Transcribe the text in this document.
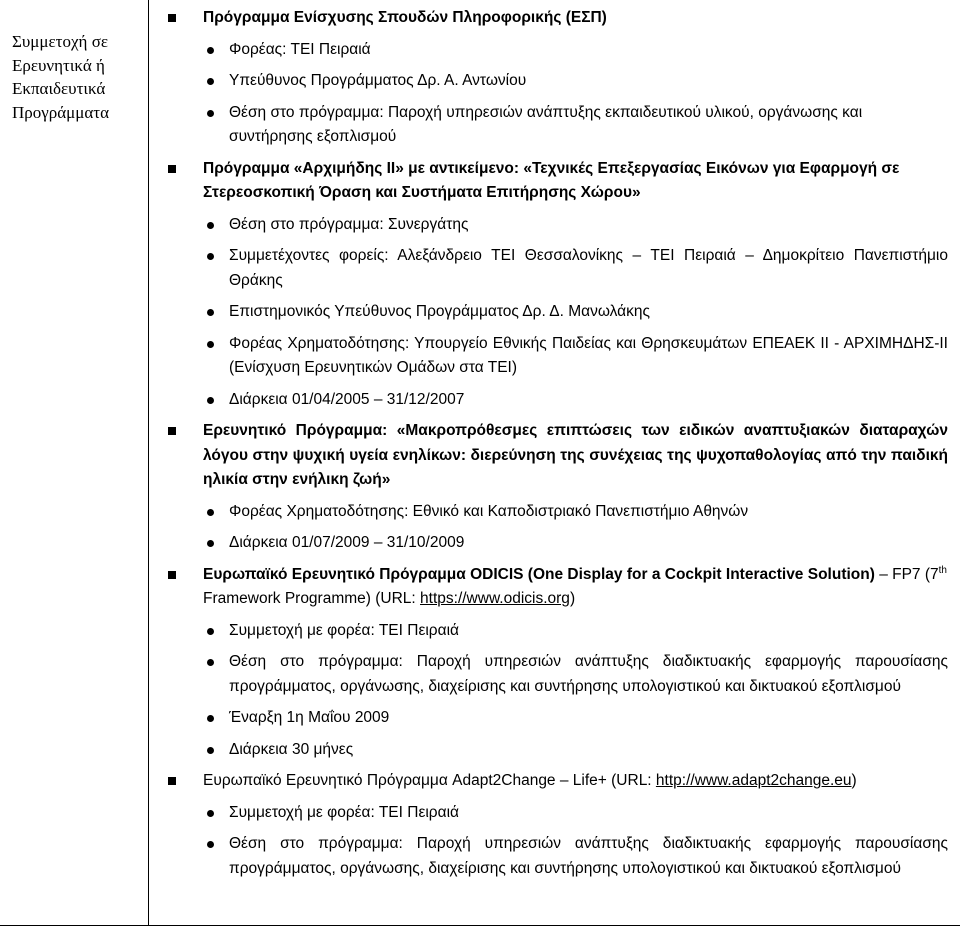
Συμμετοχή σε
Ερευνητικά ή
Εκπαιδευτικά
Προγράμματα
Πρόγραμμα Ενίσχυσης Σπουδών Πληροφορικής (ΕΣΠ)
Φορέας: ΤΕΙ Πειραιά
Υπεύθυνος Προγράμματος Δρ. Α. Αντωνίου
Θέση στο πρόγραμμα: Παροχή υπηρεσιών ανάπτυξης εκπαιδευτικού υλικού, οργάνωσης και συντήρησης εξοπλισμού
Πρόγραμμα «Αρχιμήδης ΙΙ» με αντικείμενο: «Τεχνικές Επεξεργασίας Εικόνων για Εφαρμογή σε Στερεοσκοπική Όραση και Συστήματα Επιτήρησης Χώρου»
Θέση στο πρόγραμμα: Συνεργάτης
Συμμετέχοντες φορείς: Αλεξάνδρειο ΤΕΙ Θεσσαλονίκης – ΤΕΙ Πειραιά – Δημοκρίτειο Πανεπιστήμιο Θράκης
Επιστημονικός Υπεύθυνος Προγράμματος Δρ. Δ. Μανωλάκης
Φορέας Χρηματοδότησης: Υπουργείο Εθνικής Παιδείας και Θρησκευμάτων ΕΠΕΑΕΚ ΙΙ - ΑΡΧΙΜΗΔΗΣ-ΙΙ (Ενίσχυση Ερευνητικών Ομάδων στα ΤΕΙ)
Διάρκεια 01/04/2005 – 31/12/2007
Ερευνητικό Πρόγραμμα: «Μακροπρόθεσμες επιπτώσεις των ειδικών αναπτυξιακών διαταραχών λόγου στην ψυχική υγεία ενηλίκων: διερεύνηση της συνέχειας της ψυχοπαθολογίας από την παιδική ηλικία στην ενήλικη ζωή»
Φορέας Χρηματοδότησης: Εθνικό και Καποδιστριακό Πανεπιστήμιο Αθηνών
Διάρκεια 01/07/2009 – 31/10/2009
Ευρωπαϊκό Ερευνητικό Πρόγραμμα ODICIS (One Display for a Cockpit Interactive Solution) – FP7 (7th Framework Programme) (URL: https://www.odicis.org)
Συμμετοχή με φορέα: ΤΕΙ Πειραιά
Θέση στο πρόγραμμα: Παροχή υπηρεσιών ανάπτυξης διαδικτυακής εφαρμογής παρουσίασης προγράμματος, οργάνωσης, διαχείρισης και συντήρησης υπολογιστικού και δικτυακού εξοπλισμού
Έναρξη 1η Μαΐου 2009
Διάρκεια 30 μήνες
Ευρωπαϊκό Ερευνητικό Πρόγραμμα Adapt2Change – Life+ (URL: http://www.adapt2change.eu)
Συμμετοχή με φορέα: ΤΕΙ Πειραιά
Θέση στο πρόγραμμα: Παροχή υπηρεσιών ανάπτυξης διαδικτυακής εφαρμογής παρουσίασης προγράμματος, οργάνωσης, διαχείρισης και συντήρησης υπολογιστικού και δικτυακού εξοπλισμού
